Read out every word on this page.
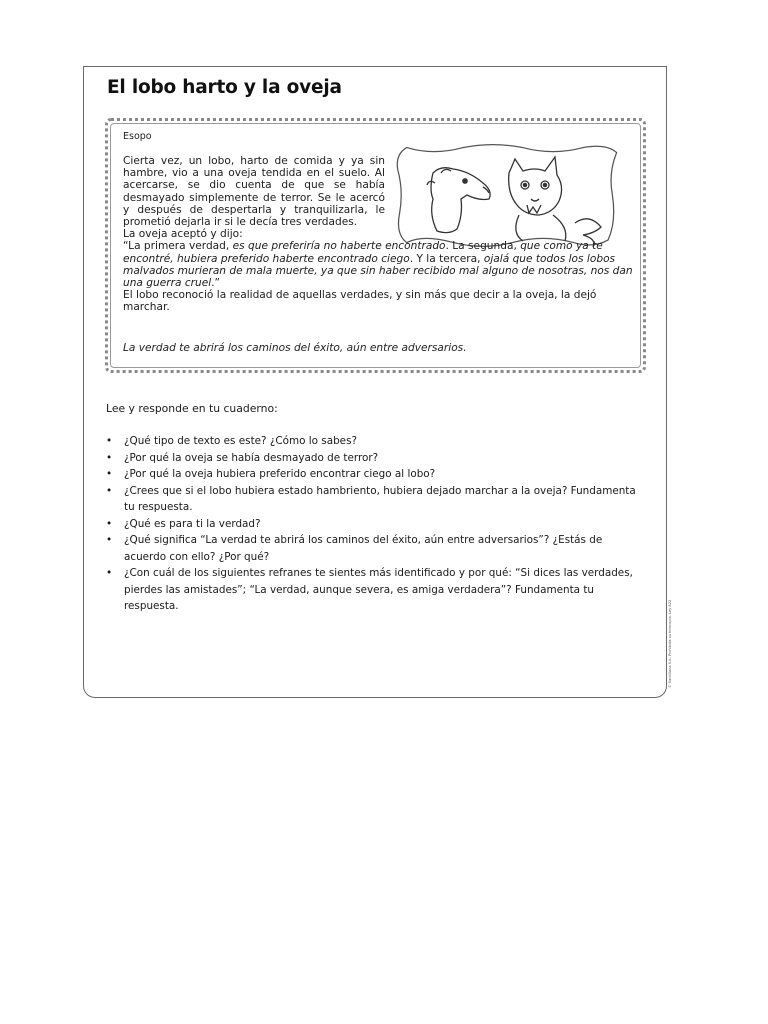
El lobo harto y la oveja
Esopo

Cierta vez, un lobo, harto de comida y ya sin hambre, vio a una oveja tendida en el suelo. Al acercarse, se dio cuenta de que se había desmayado simplemente de terror. Se le acercó y después de despertarla y tranquilizarla, le prometió dejarla ir si le decía tres verdades.

La oveja aceptó y dijo:

“La primera verdad, es que preferiría no haberte encontrado. La segunda, que como ya te encontré, hubiera preferido haberte encontrado ciego. Y la tercera, ojalá que todos los lobos malvados murieran de mala muerte, ya que sin haber recibido mal alguno de nosotras, nos dan una guerra cruel.”

El lobo reconoció la realidad de aquellas verdades, y sin más que decir a la oveja, la dejó marchar.

La verdad te abrirá los caminos del éxito, aún entre adversarios.

Lee y responde en tu cuaderno:

• ¿Qué tipo de texto es este? ¿Cómo lo sabes?
• ¿Por qué la oveja se había desmayado de terror?
• ¿Por qué la oveja hubiera preferido encontrar ciego al lobo?
• ¿Crees que si el lobo hubiera estado hambriento, hubiera dejado marchar a la oveja? Fundamenta tu respuesta.
• ¿Qué es para ti la verdad?
• ¿Qué significa “La verdad te abrirá los caminos del éxito, aún entre adversarios”? ¿Estás de acuerdo con ello? ¿Por qué?
• ¿Con cuál de los siguientes refranes te sientes más identificado y por qué: “Si dices las verdades, pierdes las amistades”; “La verdad, aunque severa, es amiga verdadera”? Fundamenta tu respuesta.	© Santillana S.A. Prohibida su fotocopia. Ley 822
